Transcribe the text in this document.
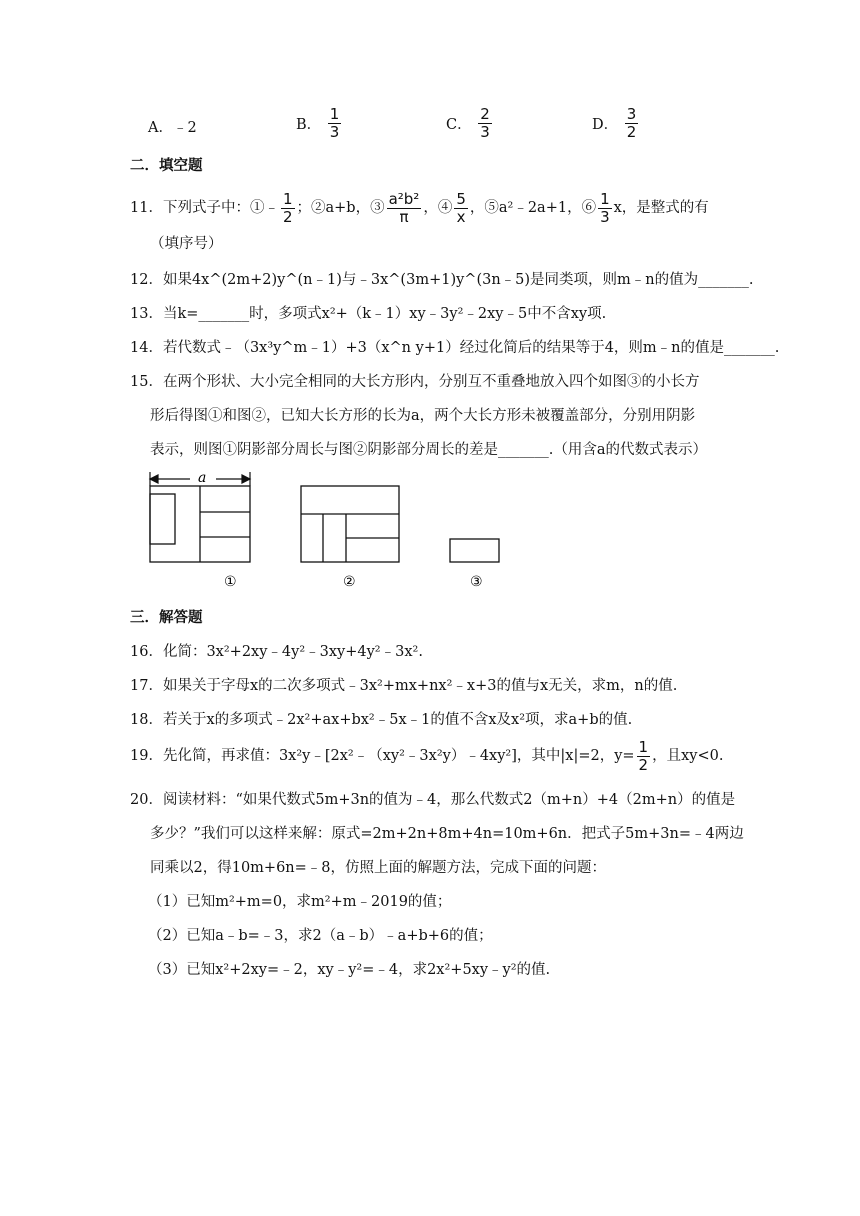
A．﹣2	B． $\frac{1}{3}$	C． $\frac{2}{3}$	D． $\frac{3}{2}$
二．填空题
11．下列式子中：①﹣ $\frac{1}{2}$ ；②a+b，③ $\frac{\text{a²b²}}{\pi}$ ，④ $\frac{5}{x}$ ，⑤a²﹣2a+1，⑥ $\frac{1}{3}$ x，是整式的有
（填序号）
12．如果4x^(2m+2)y^(n﹣1)与﹣3x^(3m+1)y^(3n﹣5)是同类项，则m﹣n的值为_______.
13．当k=_______时，多项式x²+（k﹣1）xy﹣3y²﹣2xy﹣5中不含xy项.
14．若代数式﹣（3x³y^m﹣1）+3（x^n y+1）经过化简后的结果等于4，则m﹣n的值是_______.
15．在两个形状、大小完全相同的大长方形内，分别互不重叠地放入四个如图③的小长方
形后得图①和图②，已知大长方形的长为a，两个大长方形未被覆盖部分，分别用阴影
表示，则图①阴影部分周长与图②阴影部分周长的差是_______.（用含a的代数式表示）
a
①	②	③
三．解答题
16．化简：3x²+2xy﹣4y²﹣3xy+4y²﹣3x².
17．如果关于字母x的二次多项式﹣3x²+mx+nx²﹣x+3的值与x无关，求m，n的值.
18．若关于x的多项式﹣2x²+ax+bx²﹣5x﹣1的值不含x及x²项，求a+b的值.
19．先化简，再求值：3x²y﹣[2x²﹣（xy²﹣3x²y）﹣4xy²]，其中|x|=2，$y= \frac{1}{2}$ ，且xy<0.
20．阅读材料：“如果代数式5m+3n的值为﹣4，那么代数式2（m+n）+4（2m+n）的值是
多少？”我们可以这样来解：原式=2m+2n+8m+4n=10m+6n．把式子5m+3n=﹣4两边
同乘以2，得10m+6n=﹣8，仿照上面的解题方法，完成下面的问题：
（1）已知m²+m=0，求m²+m﹣2019的值；
（2）已知a﹣b=﹣3，求2（a﹣b）﹣a+b+6的值；
（3）已知x²+2xy=﹣2，xy﹣y²=﹣4，求2x²+5xy﹣y²的值.
